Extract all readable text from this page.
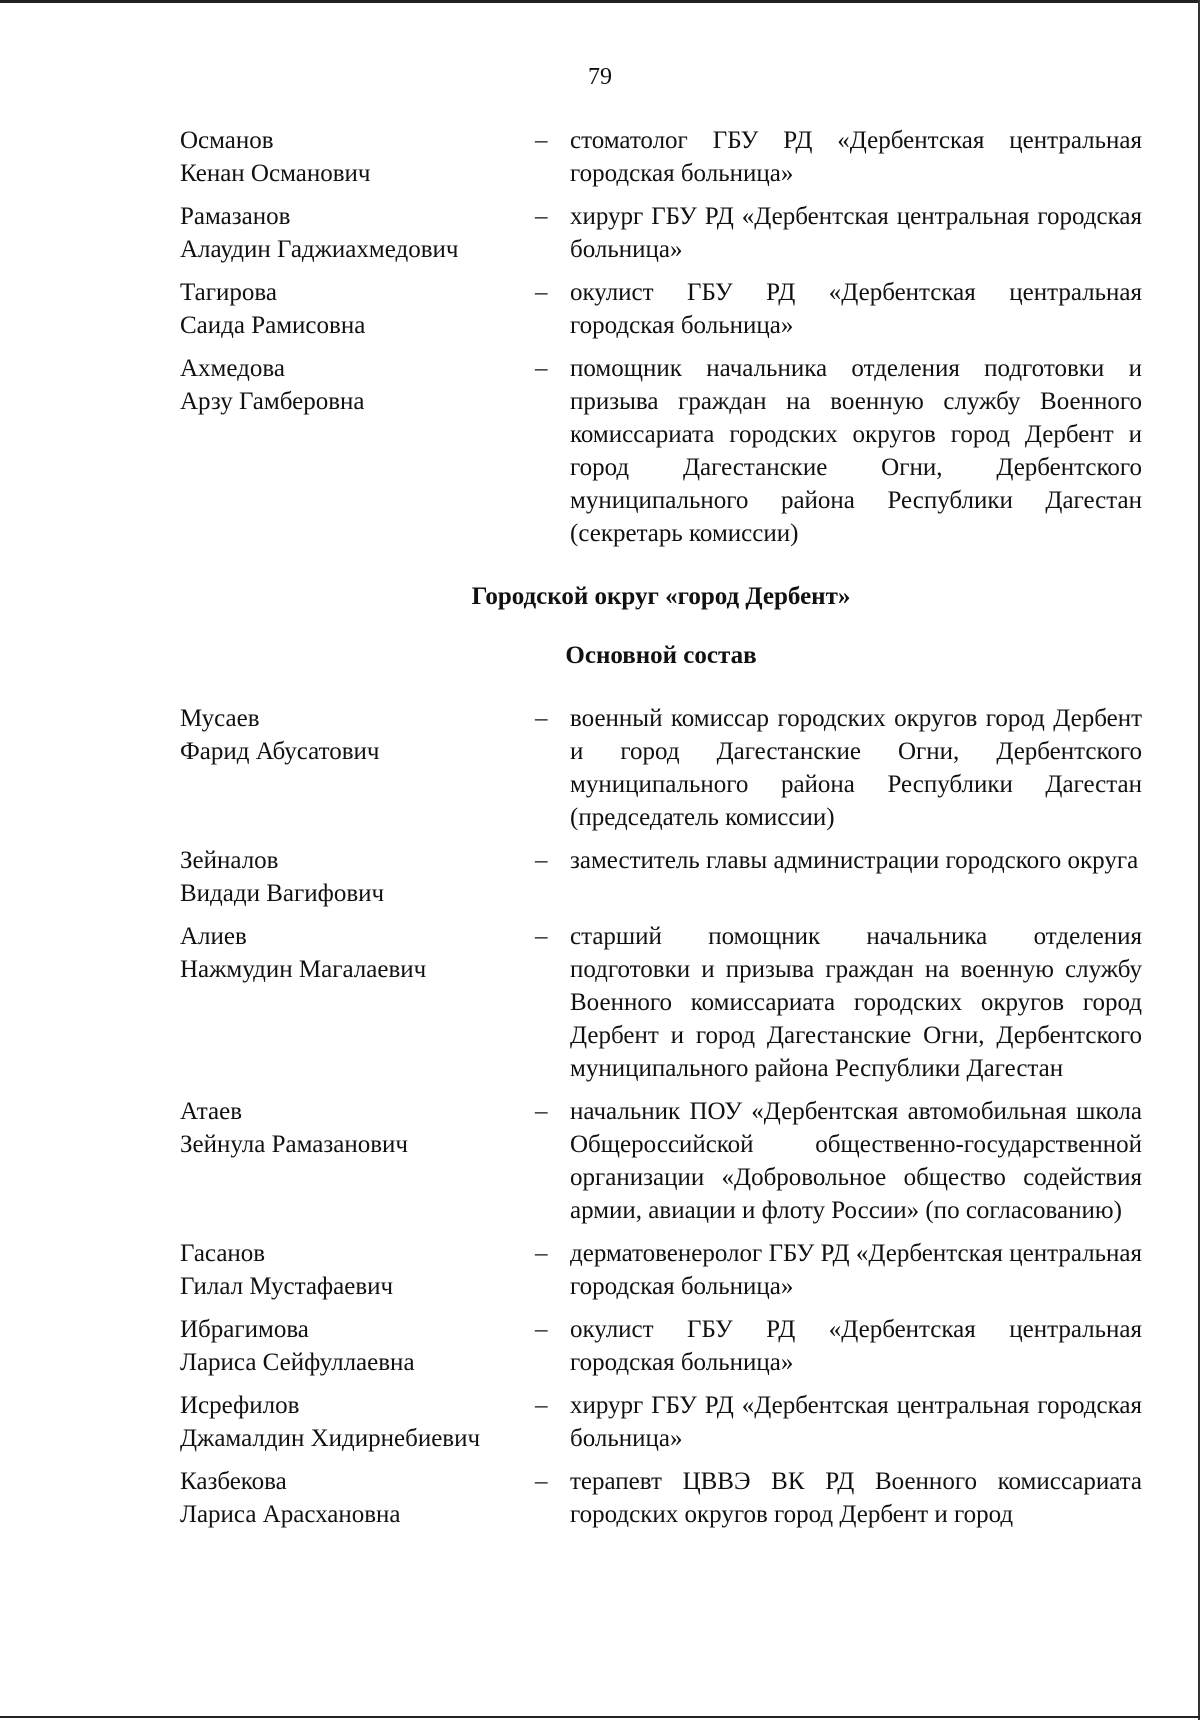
79
Османов
Кенан Османович
– стоматолог ГБУ РД «Дербентская центральная городская больница»
Рамазанов
Алаудин Гаджиахмедович
– хирург ГБУ РД «Дербентская центральная городская больница»
Тагирова
Саида Рамисовна
– окулист ГБУ РД «Дербентская центральная городская больница»
Ахмедова
Арзу Гамберовна
– помощник начальника отделения подготовки и призыва граждан на военную службу Военного комиссариата городских округов город Дербент и город Дагестанские Огни, Дербентского муниципального района Республики Дагестан (секретарь комиссии)
Городской округ «город Дербент»
Основной состав
Мусаев
Фарид Абусатович
– военный комиссар городских округов город Дербент и город Дагестанские Огни, Дербентского муниципального района Республики Дагестан (председатель комиссии)
Зейналов
Видади Вагифович
– заместитель главы администрации городского округа
Алиев
Нажмудин Магалаевич
– старший помощник начальника отделения подготовки и призыва граждан на военную службу Военного комиссариата городских округов город Дербент и город Дагестанские Огни, Дербентского муниципального района Республики Дагестан
Атаев
Зейнула Рамазанович
– начальник ПОУ «Дербентская автомобильная школа Общероссийской общественно-государственной организации «Добровольное общество содействия армии, авиации и флоту России» (по согласованию)
Гасанов
Гилал Мустафаевич
– дерматовенеролог ГБУ РД «Дербентская центральная городская больница»
Ибрагимова
Лариса Сейфуллаевна
– окулист ГБУ РД «Дербентская центральная городская больница»
Исрефилов
Джамалдин Хидирнебиевич
– хирург ГБУ РД «Дербентская центральная городская больница»
Казбекова
Лариса Арасхановна
– терапевт ЦВВЭ ВК РД Военного комиссариата городских округов город Дербент и город
